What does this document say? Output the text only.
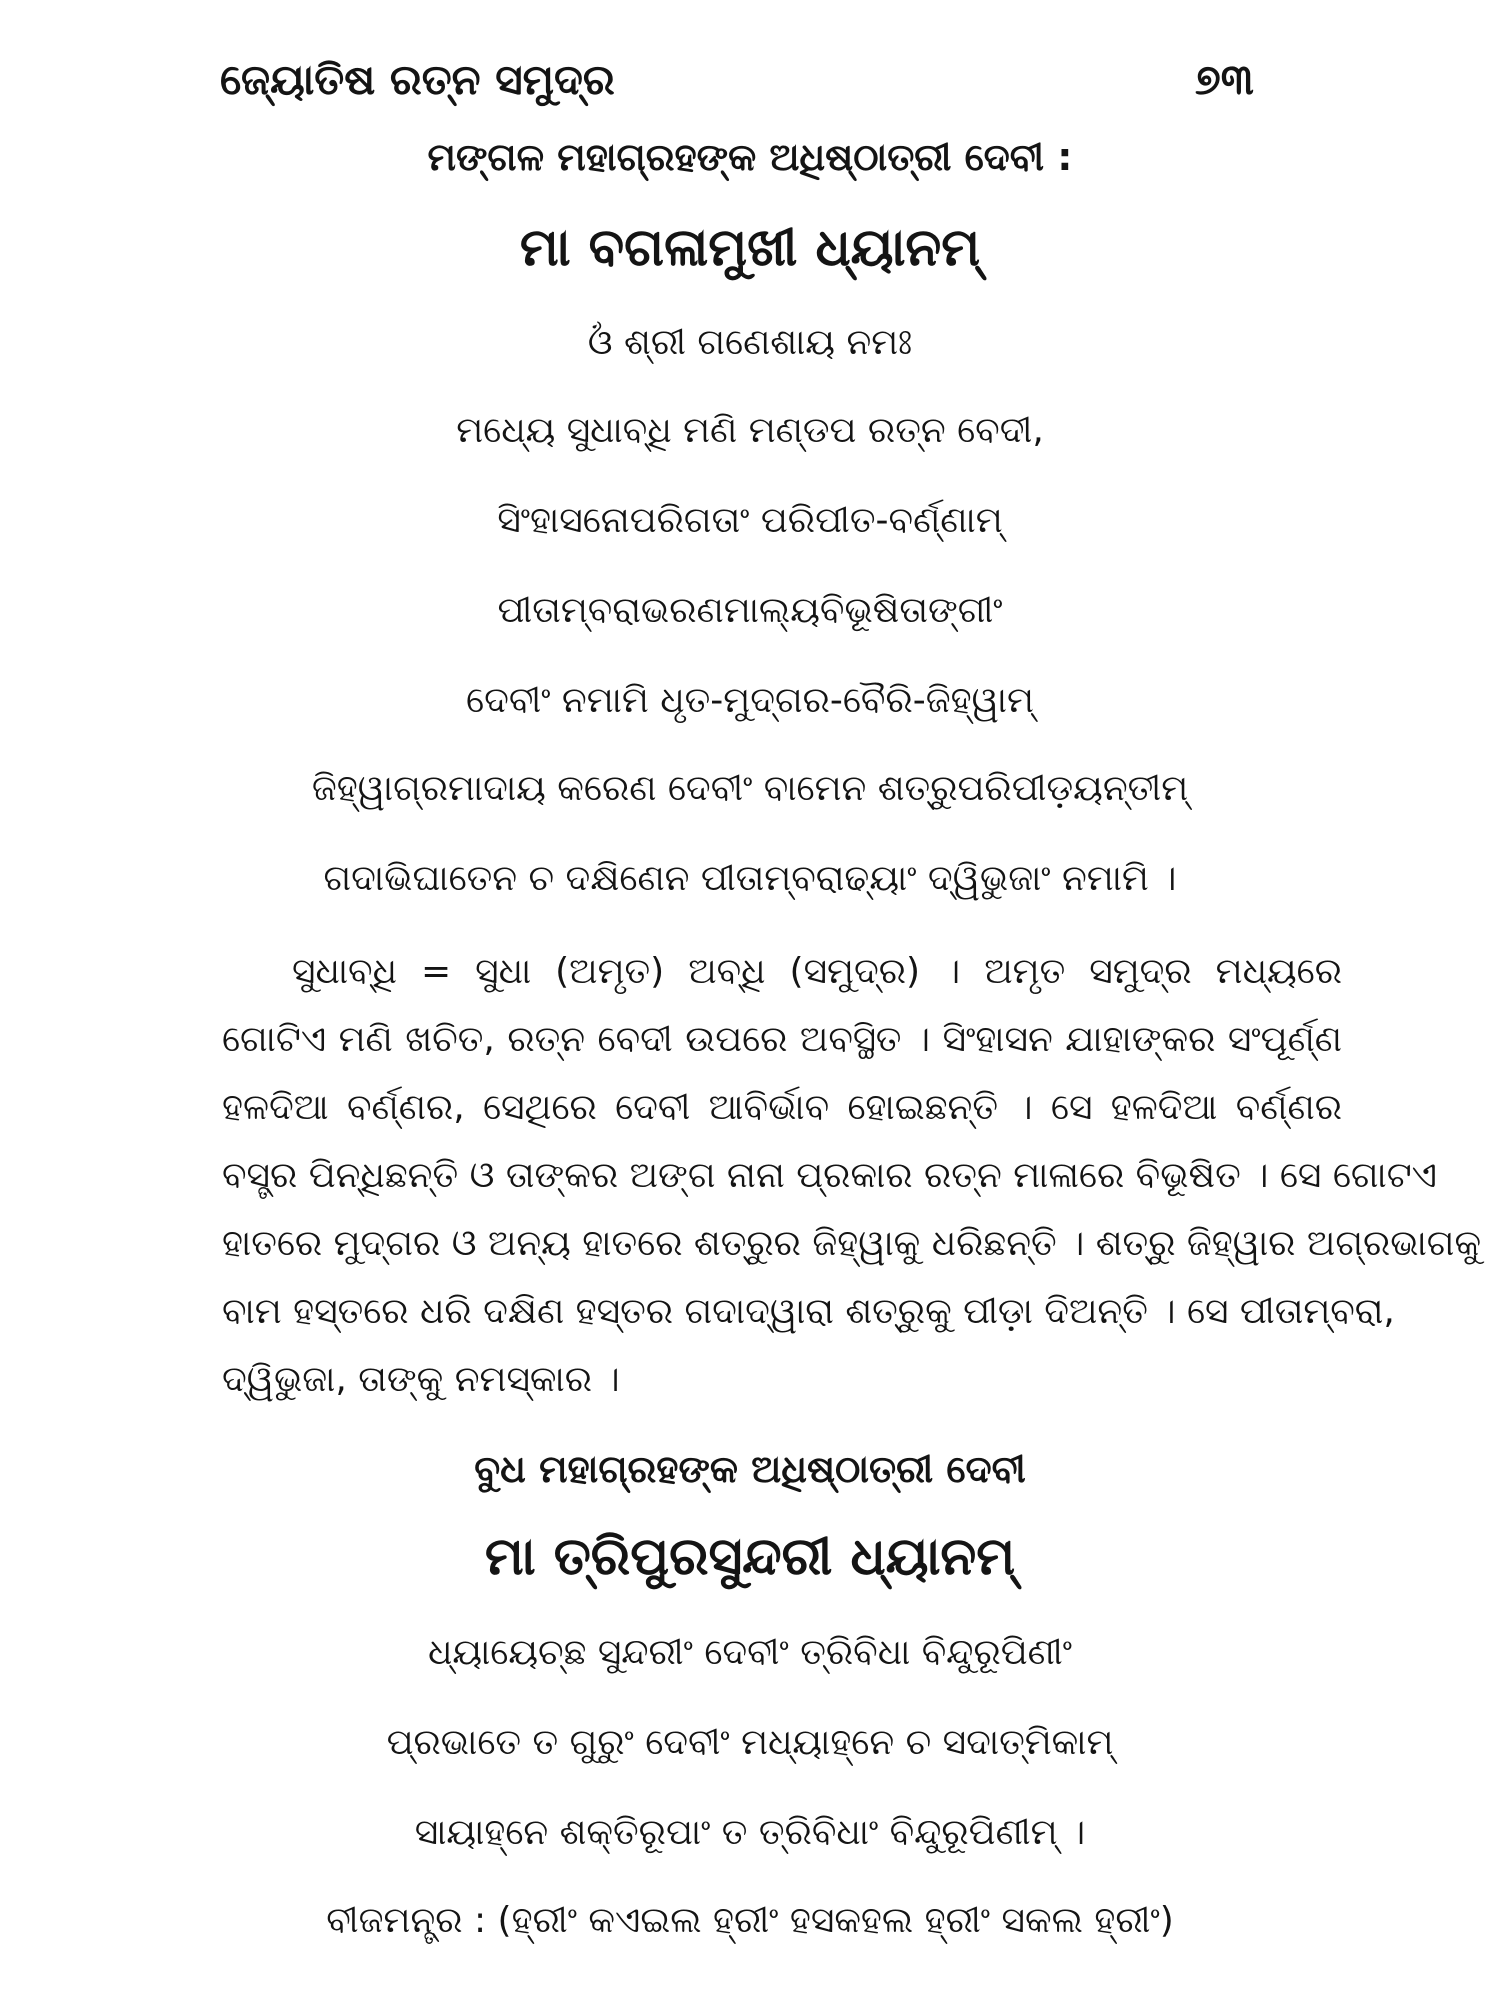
ଜ୍ୟୋତିଷ ରତ୍ନ ସମୁଦ୍ର	୭୩
ମଙ୍ଗଳ ମହାଗ୍ରହଙ୍କ ଅଧିଷ୍ଠାତ୍ରୀ ଦେବୀ :
ମା ବଗଳାମୁଖୀ ଧ୍ୟାନମ୍
ଓଁ ଶ୍ରୀ ଗଣେଶାୟ ନମଃ
ମଧ୍ୟେ ସୁଧାବ୍ଧି ମଣି ମଣ୍ଡପ ରତ୍ନ ବେଦୀ,
ସିଂହାସନୋପରିଗତାଂ ପରିପୀତ-ବର୍ଣ୍ଣାମ୍
ପୀତାମ୍ବରାଭରଣମାଲ୍ୟବିଭୂଷିତାଙ୍ଗୀଂ
ଦେବୀଂ ନମାମି ଧୃତ-ମୁଦ୍‌ଗର-ବୈରି-ଜିହ୍ୱାମ୍
ଜିହ୍ୱାଗ୍ରମାଦାୟ କରେଣ ଦେବୀଂ ବାମେନ ଶତ୍ରୁପରିପୀଡ଼ୟନ୍ତୀମ୍
ଗଦାଭିଘାତେନ ଚ ଦକ୍ଷିଣେନ ପୀତାମ୍ବରାଢ୍ୟାଂ ଦ୍ୱିଭୁଜାଂ ନମାମି ।
ସୁଧାବ୍ଧି = ସୁଧା (ଅମୃତ) ଅବ୍ଧି (ସମୁଦ୍ର) । ଅମୃତ ସମୁଦ୍ର ମଧ୍ୟରେ
ଗୋଟିଏ ମଣି ଖଚିତ, ରତ୍ନ ବେଦୀ ଉପରେ ଅବସ୍ଥିତ । ସିଂହାସନ ଯାହାଙ୍କର ସଂପୂର୍ଣ୍ଣ
ହଳଦିଆ ବର୍ଣ୍ଣର, ସେଥିରେ ଦେବୀ ଆବିର୍ଭାବ ହୋଇଛନ୍ତି । ସେ ହଳଦିଆ ବର୍ଣ୍ଣର
ବସ୍ତ୍ର ପିନ୍ଧିଛନ୍ତି ଓ ତାଙ୍କର ଅଙ୍ଗ ନାନା ପ୍ରକାର ରତ୍ନ ମାଳାରେ ବିଭୂଷିତ । ସେ ଗୋଟଏ
ହାତରେ ମୁଦ୍‌ଗର ଓ ଅନ୍ୟ ହାତରେ ଶତ୍ରୁର ଜିହ୍ୱାକୁ ଧରିଛନ୍ତି । ଶତ୍ରୁ ଜିହ୍ୱାର ଅଗ୍ରଭାଗକୁ
ବାମ ହସ୍ତରେ ଧରି ଦକ୍ଷିଣ ହସ୍ତର ଗଦାଦ୍ୱାରା ଶତ୍ରୁକୁ ପୀଡ଼ା ଦିଅନ୍ତି । ସେ ପୀତାମ୍ବରା,
ଦ୍ୱିଭୁଜା, ତାଙ୍କୁ ନମସ୍କାର ।
ବୁଧ ମହାଗ୍ରହଙ୍କ ଅଧିଷ୍ଠାତ୍ରୀ ଦେବୀ
ମା ତ୍ରିପୁରସୁନ୍ଦରୀ ଧ୍ୟାନମ୍
ଧ୍ୟାୟେଚ୍ଛ ସୁନ୍ଦରୀଂ ଦେବୀଂ ତ୍ରିବିଧା ବିନ୍ଦୁରୂପିଣୀଂ
ପ୍ରଭାତେ ତ ଗୁରୁଂ ଦେବୀଂ ମଧ୍ୟାହ୍ନେ ଚ ସଦାତ୍ମିକାମ୍
ସାୟାହ୍ନେ ଶକ୍ତିରୂପାଂ ତ ତ୍ରିବିଧାଂ ବିନ୍ଦୁରୂପିଣୀମ୍ ।
ବୀଜମନ୍ତ୍ର : (ହ୍ରୀଂ କଏଇଲ ହ୍ରୀଂ ହସକହଲ ହ୍ରୀଂ ସକଲ ହ୍ରୀଂ)
